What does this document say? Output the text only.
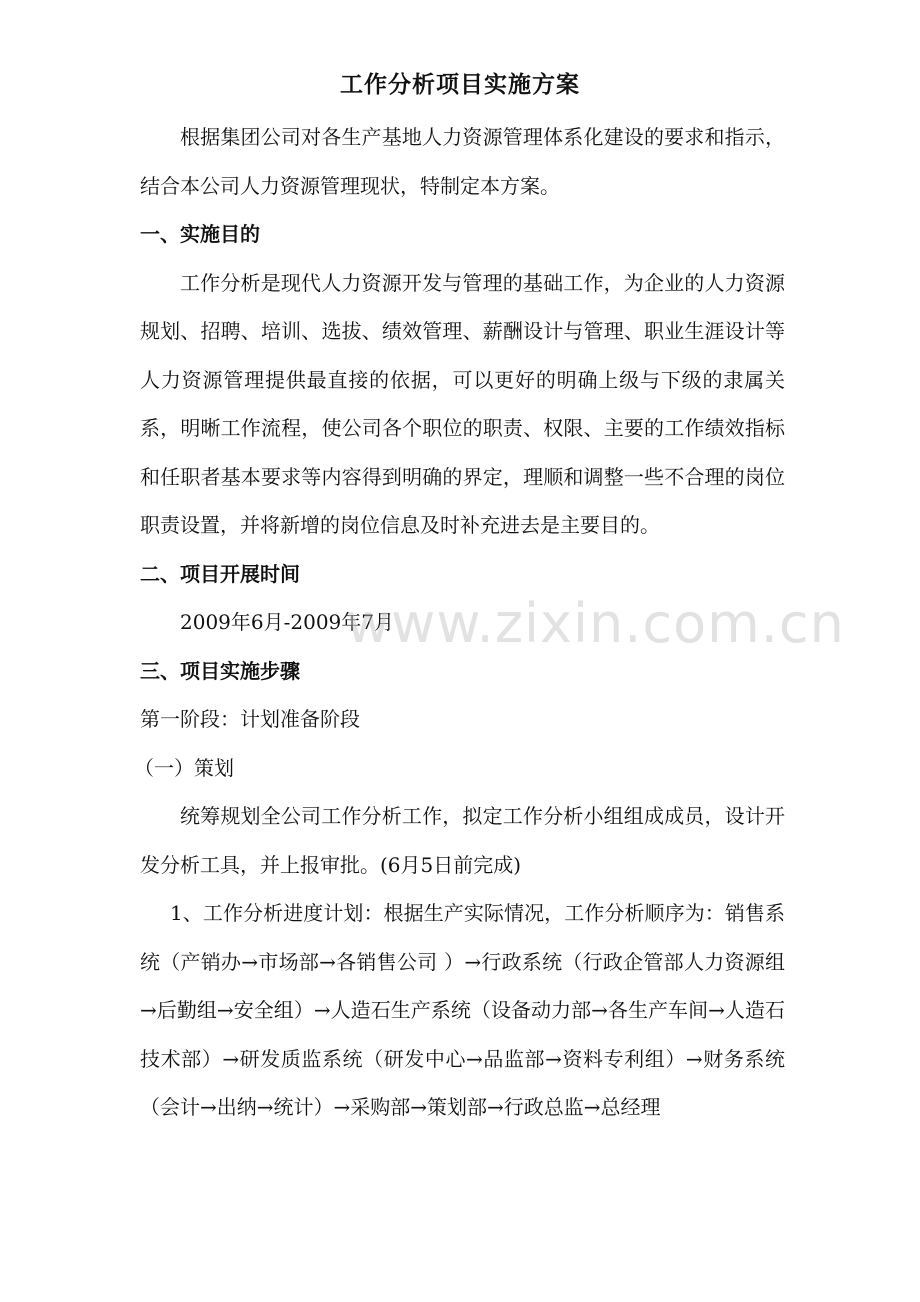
工作分析项目实施方案

根据集团公司对各生产基地人力资源管理体系化建设的要求和指示，结合本公司人力资源管理现状，特制定本方案。

一、实施目的

工作分析是现代人力资源开发与管理的基础工作，为企业的人力资源规划、招聘、培训、选拔、绩效管理、薪酬设计与管理、职业生涯设计等人力资源管理提供最直接的依据，可以更好的明确上级与下级的隶属关系，明晰工作流程，使公司各个职位的职责、权限、主要的工作绩效指标和任职者基本要求等内容得到明确的界定，理顺和调整一些不合理的岗位职责设置，并将新增的岗位信息及时补充进去是主要目的。

二、项目开展时间

2009年6月-2009年7月

三、项目实施步骤

第一阶段：计划准备阶段

（一）策划

统筹规划全公司工作分析工作，拟定工作分析小组组成成员，设计开发分析工具，并上报审批。(6月5日前完成)

1、工作分析进度计划：根据生产实际情况，工作分析顺序为：销售系统（产销办→市场部→各销售公司 ）→行政系统（行政企管部人力资源组→后勤组→安全组）→人造石生产系统（设备动力部→各生产车间→人造石技术部）→研发质监系统（研发中心→品监部→资料专利组）→财务系统（会计→出纳→统计）→采购部→策划部→行政总监→总经理

www.zixin.com.cn
